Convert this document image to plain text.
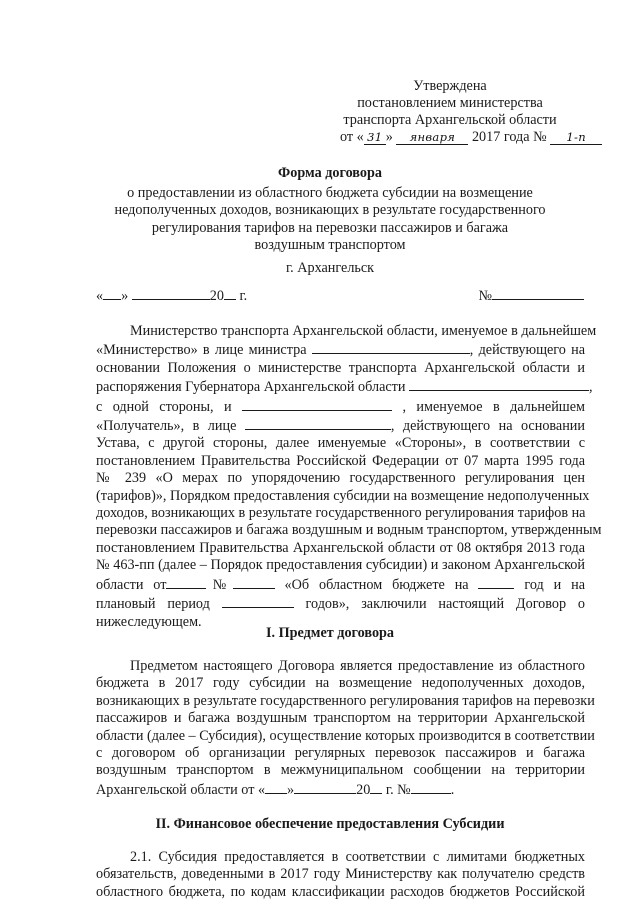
Утверждена
постановлением министерства
транспорта Архангельской области
от « 31 » января 2017 года № 1-п
Форма договора
о предоставлении из областного бюджета субсидии на возмещение
недополученных доходов, возникающих в результате государственного
регулирования тарифов на перевозки пассажиров и багажа
воздушным транспортом
г. Архангельск
« »	20 г.	№
Министерство транспорта Архангельской области, именуемое в дальнейшем
«Министерство» в лице министра	, действующего на
основании Положения о министерстве транспорта Архангельской области и
распоряжения Губернатора Архангельской области	,
с одной стороны, и	, именуемое в дальнейшем
«Получатель», в лице	, действующего на основании
Устава, с другой стороны, далее именуемые «Стороны», в соответствии с
постановлением Правительства Российской Федерации от 07 марта 1995 года
№ 239 «О мерах по упорядочению государственного регулирования цен
(тарифов)», Порядком предоставления субсидии на возмещение недополученных
доходов, возникающих в результате государственного регулирования тарифов на
перевозки пассажиров и багажа воздушным и водным транспортом, утвержденным
постановлением Правительства Архангельской области от 08 октября 2013 года
№ 463-пп (далее – Порядок предоставления субсидии) и законом Архангельской
области от	№	«Об областном бюджете на	год и на
плановый период	годов», заключили настоящий Договор о
нижеследующем.
I. Предмет договора
Предметом настоящего Договора является предоставление из областного
бюджета в 2017 году субсидии на возмещение недополученных доходов,
возникающих в результате государственного регулирования тарифов на перевозки
пассажиров и багажа воздушным транспортом на территории Архангельской
области (далее – Субсидия), осуществление которых производится в соответствии
с договором об организации регулярных перевозок пассажиров и багажа
воздушным транспортом в межмуниципальном сообщении на территории
Архангельской области от « »	20 г. №	.
II. Финансовое обеспечение предоставления Субсидии
2.1. Субсидия предоставляется в соответствии с лимитами бюджетных
обязательств, доведенными в 2017 году Министерству как получателю средств
областного бюджета, по кодам классификации расходов бюджетов Российской
